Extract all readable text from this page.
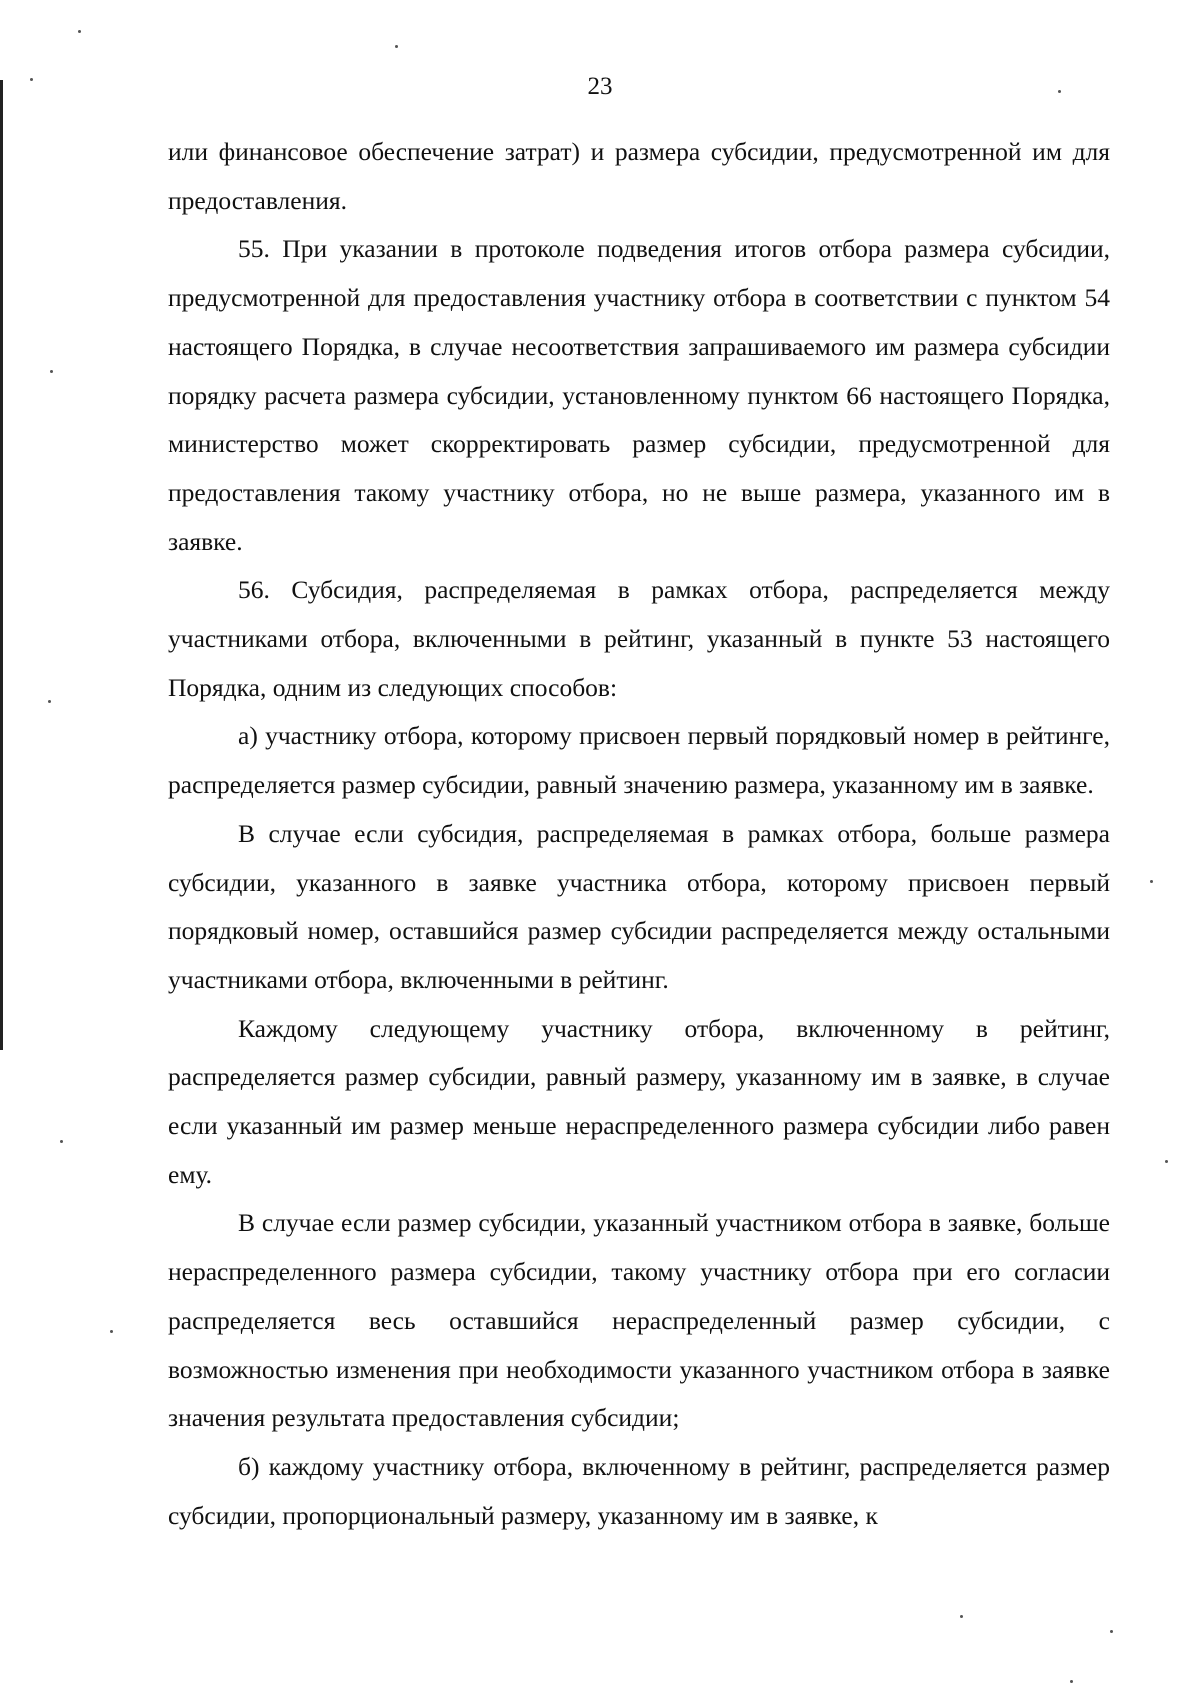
23

или финансовое обеспечение затрат) и размера субсидии, предусмотренной им для предоставления.

55. При указании в протоколе подведения итогов отбора размера субсидии, предусмотренной для предоставления участнику отбора в соответствии с пунктом 54 настоящего Порядка, в случае несоответствия запрашиваемого им размера субсидии порядку расчета размера субсидии, установленному пунктом 66 настоящего Порядка, министерство может скорректировать размер субсидии, предусмотренной для предоставления такому участнику отбора, но не выше размера, указанного им в заявке.

56. Субсидия, распределяемая в рамках отбора, распределяется между участниками отбора, включенными в рейтинг, указанный в пункте 53 настоящего Порядка, одним из следующих способов:

а) участнику отбора, которому присвоен первый порядковый номер в рейтинге, распределяется размер субсидии, равный значению размера, указанному им в заявке.

В случае если субсидия, распределяемая в рамках отбора, больше размера субсидии, указанного в заявке участника отбора, которому присвоен первый порядковый номер, оставшийся размер субсидии распределяется между остальными участниками отбора, включенными в рейтинг.

Каждому следующему участнику отбора, включенному в рейтинг, распределяется размер субсидии, равный размеру, указанному им в заявке, в случае если указанный им размер меньше нераспределенного размера субсидии либо равен ему.

В случае если размер субсидии, указанный участником отбора в заявке, больше нераспределенного размера субсидии, такому участнику отбора при его согласии распределяется весь оставшийся нераспределенный размер субсидии, с возможностью изменения при необходимости указанного участником отбора в заявке значения результата предоставления субсидии;

б) каждому участнику отбора, включенному в рейтинг, распределяется размер субсидии, пропорциональный размеру, указанному им в заявке, к
